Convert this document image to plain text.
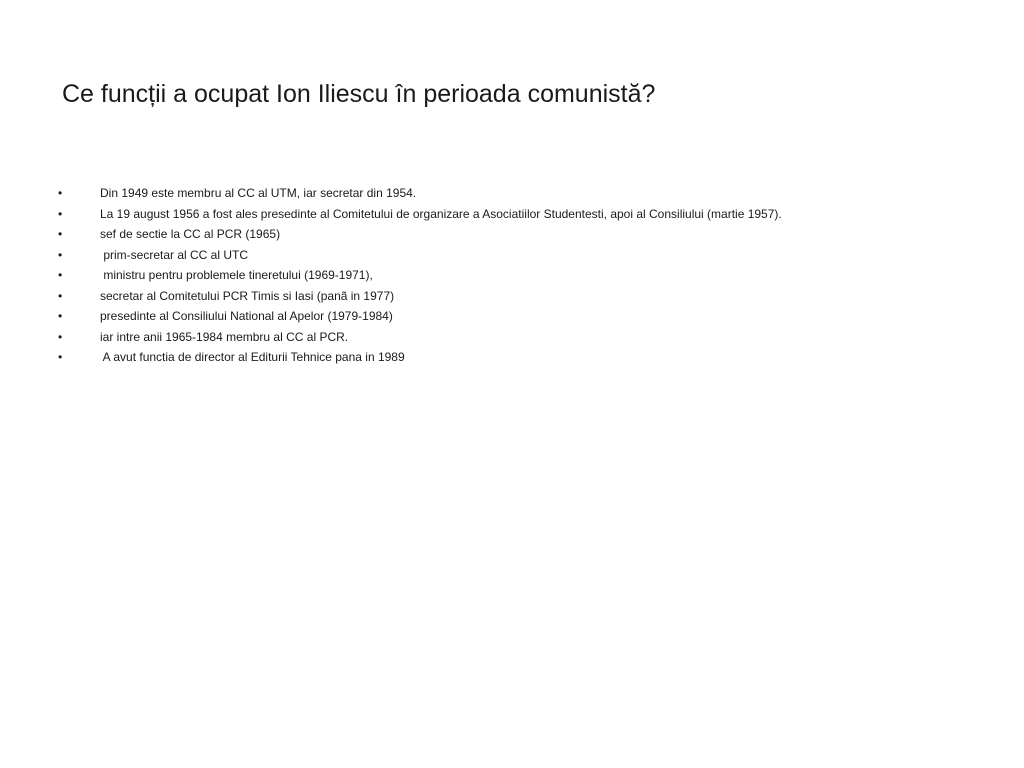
Ce funcții a ocupat Ion Iliescu în perioada comunistă?

•

	Din 1949 este membru al CC al UTM, iar secretar din 1954.

•

	La 19 august 1956 a fost ales presedinte al Comitetului de organizare a Asociatiilor Studentesti, apoi al Consiliului (martie 1957).

•

	sef de sectie la CC al PCR (1965)

•

	prim-secretar al CC al UTC

•

	ministru pentru problemele tineretului (1969-1971),

•

	secretar al Comitetului PCR Timis si Iasi (panã in 1977)

•

	presedinte al Consiliului National al Apelor (1979-1984)

•

	iar intre anii 1965-1984 membru al CC al PCR.

•

	A avut functia de director al Editurii Tehnice pana in 1989
